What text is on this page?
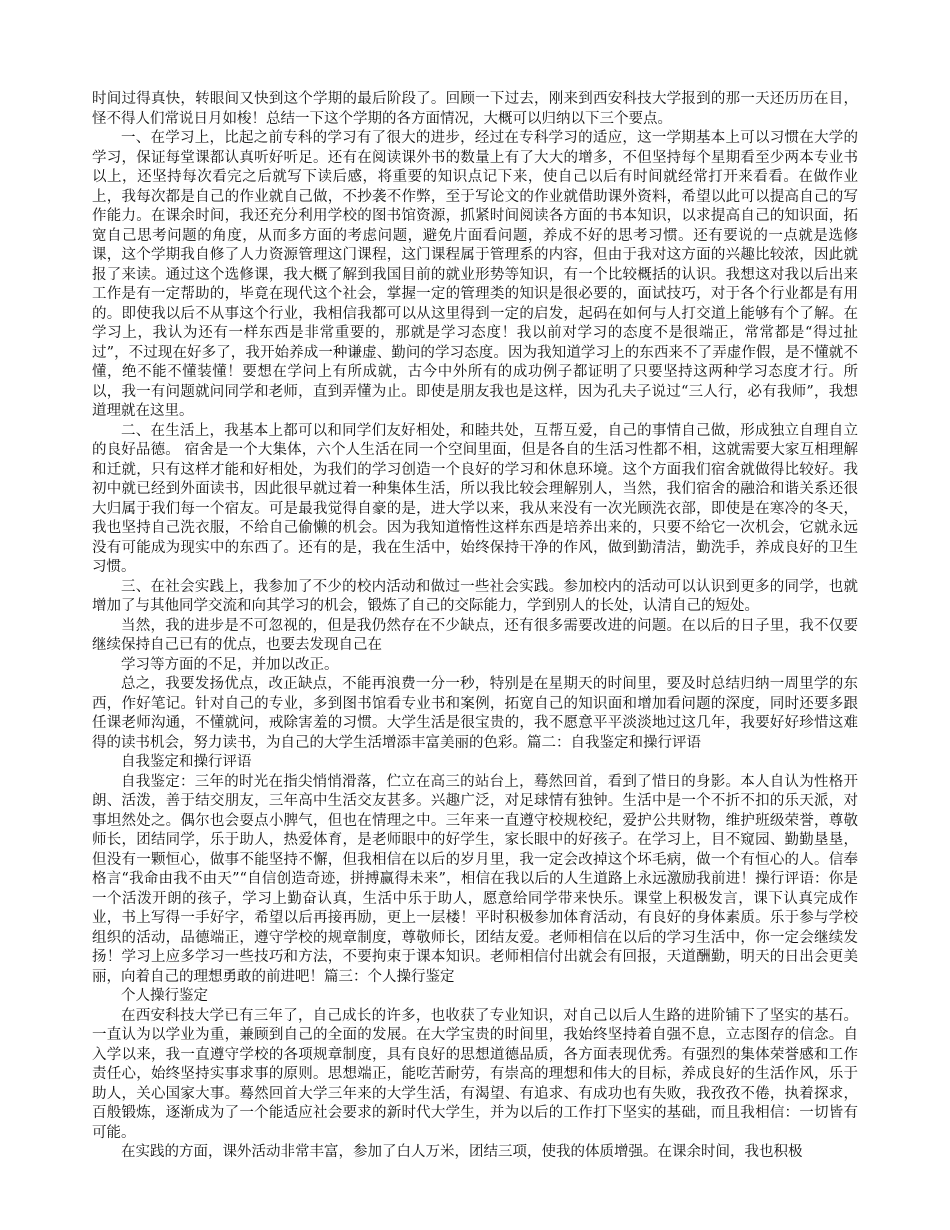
时间过得真快，转眼间又快到这个学期的最后阶段了。回顾一下过去，刚来到西安科技大学报到的那一天还历历在目，怪不得人们常说日月如梭！总结一下这个学期的各方面情况，大概可以归纳以下三个要点。

一、在学习上，比起之前专科的学习有了很大的进步，经过在专科学习的适应，这一学期基本上可以习惯在大学的学习，保证每堂课都认真听好听足。还有在阅读课外书的数量上有了大大的增多，不但坚持每个星期看至少两本专业书以上，还坚持每次看完之后就写下读后感，将重要的知识点记下来，使自己以后有时间就经常打开来看看。在做作业上，我每次都是自己的作业就自己做，不抄袭不作弊，至于写论文的作业就借助课外资料，希望以此可以提高自己的写作能力。在课余时间，我还充分利用学校的图书馆资源，抓紧时间阅读各方面的书本知识，以求提高自己的知识面，拓宽自己思考问题的角度，从而多方面的考虑问题，避免片面看问题，养成不好的思考习惯。还有要说的一点就是选修课，这个学期我自修了人力资源管理这门课程，这门课程属于管理系的内容，但由于我对这方面的兴趣比较浓，因此就报了来读。通过这个选修课，我大概了解到我国目前的就业形势等知识，有一个比较概括的认识。我想这对我以后出来工作是有一定帮助的，毕竟在现代这个社会，掌握一定的管理类的知识是很必要的，面试技巧，对于各个行业都是有用的。即使我以后不从事这个行业，我相信我都可以从这里得到一定的启发，起码在如何与人打交道上能够有个了解。在学习上，我认为还有一样东西是非常重要的，那就是学习态度！我以前对学习的态度不是很端正，常常都是“得过扯过”，不过现在好多了，我开始养成一种谦虚、勤问的学习态度。因为我知道学习上的东西来不了弄虚作假，是不懂就不懂，绝不能不懂装懂！要想在学问上有所成就，古今中外所有的成功例子都证明了只要坚持这两种学习态度才行。所以，我一有问题就问同学和老师，直到弄懂为止。即使是朋友我也是这样，因为孔夫子说过“三人行，必有我师”，我想道理就在这里。

二、在生活上，我基本上都可以和同学们友好相处，和睦共处，互帮互爱，自己的事情自己做，形成独立自理自立的良好品德。 宿舍是一个大集体，六个人生活在同一个空间里面，但是各自的生活习性都不相，这就需要大家互相理解和迁就，只有这样才能和好相处，为我们的学习创造一个良好的学习和休息环境。这个方面我们宿舍就做得比较好。我初中就已经到外面读书，因此很早就过着一种集体生活，所以我比较会理解别人，当然，我们宿舍的融洽和谐关系还很大归属于我们每一个宿友。可是最我觉得自豪的是，进大学以来，我从来没有一次光顾洗衣部，即使是在寒冷的冬天，我也坚持自己洗衣服，不给自己偷懒的机会。因为我知道惰性这样东西是培养出来的，只要不给它一次机会，它就永远没有可能成为现实中的东西了。还有的是，我在生活中，始终保持干净的作风，做到勤清洁，勤洗手，养成良好的卫生习惯。

三、在社会实践上，我参加了不少的校内活动和做过一些社会实践。参加校内的活动可以认识到更多的同学，也就增加了与其他同学交流和向其学习的机会，锻炼了自己的交际能力，学到别人的长处，认清自己的短处。

当然，我的进步是不可忽视的，但是我仍然存在不少缺点，还有很多需要改进的问题。在以后的日子里，我不仅要继续保持自己已有的优点，也要去发现自己在

学习等方面的不足，并加以改正。

总之，我要发扬优点，改正缺点，不能再浪费一分一秒，特别是在星期天的时间里，要及时总结归纳一周里学的东西，作好笔记。针对自己的专业，多到图书馆看专业书和案例，拓宽自己的知识面和增加看问题的深度，同时还要多跟任课老师沟通，不懂就问，戒除害羞的习惯。大学生活是很宝贵的，我不愿意平平淡淡地过这几年，我要好好珍惜这难得的读书机会，努力读书，为自己的大学生活增添丰富美丽的色彩。篇二：自我鉴定和操行评语

自我鉴定和操行评语

自我鉴定：三年的时光在指尖悄悄滑落，伫立在高三的站台上，蓦然回首，看到了惜日的身影。本人自认为性格开朗、活泼，善于结交朋友，三年高中生活交友甚多。兴趣广泛，对足球情有独钟。生活中是一个不折不扣的乐天派，对事坦然处之。偶尔也会耍点小脾气，但也在情理之中。三年来一直遵守校规校纪，爱护公共财物，维护班级荣誉，尊敬师长，团结同学，乐于助人，热爱体育，是老师眼中的好学生，家长眼中的好孩子。在学习上，目不窥园、勤勤垦垦，但没有一颗恒心，做事不能坚持不懈，但我相信在以后的岁月里，我一定会改掉这个坏毛病，做一个有恒心的人。信奉格言“我命由我不由天”“自信创造奇迹，拼搏赢得未来”，相信在我以后的人生道路上永远激励我前进！操行评语：你是一个活泼开朗的孩子，学习上勤奋认真，生活中乐于助人，愿意给同学带来快乐。课堂上积极发言，课下认真完成作业，书上写得一手好字，希望以后再接再励，更上一层楼！平时积极参加体育活动，有良好的身体素质。乐于参与学校组织的活动，品德端正，遵守学校的规章制度，尊敬师长，团结友爱。老师相信在以后的学习生活中，你一定会继续发扬！学习上应多学习一些技巧和方法，不要拘束于课本知识。老师相信付出就会有回报，天道酬勤，明天的日出会更美丽，向着自己的理想勇敢的前进吧！篇三：个人操行鉴定

个人操行鉴定

在西安科技大学已有三年了，自己成长的许多，也收获了专业知识，对自己以后人生路的进阶铺下了坚实的基石。一直认为以学业为重，兼顾到自己的全面的发展。在大学宝贵的时间里，我始终坚持着自强不息，立志图存的信念。自入学以来，我一直遵守学校的各项规章制度，具有良好的思想道德品质，各方面表现优秀。有强烈的集体荣誉感和工作责任心，始终坚持实事求事的原则。思想端正，能吃苦耐劳，有崇高的理想和伟大的目标，养成良好的生活作风，乐于助人，关心国家大事。蓦然回首大学三年来的大学生活，有渴望、有追求、有成功也有失败，我孜孜不倦，执着探求，百般锻炼，逐渐成为了一个能适应社会要求的新时代大学生，并为以后的工作打下坚实的基础，而且我相信：一切皆有可能。

在实践的方面，课外活动非常丰富，参加了白人万米，团结三项，使我的体质增强。在课余时间，我也积极
